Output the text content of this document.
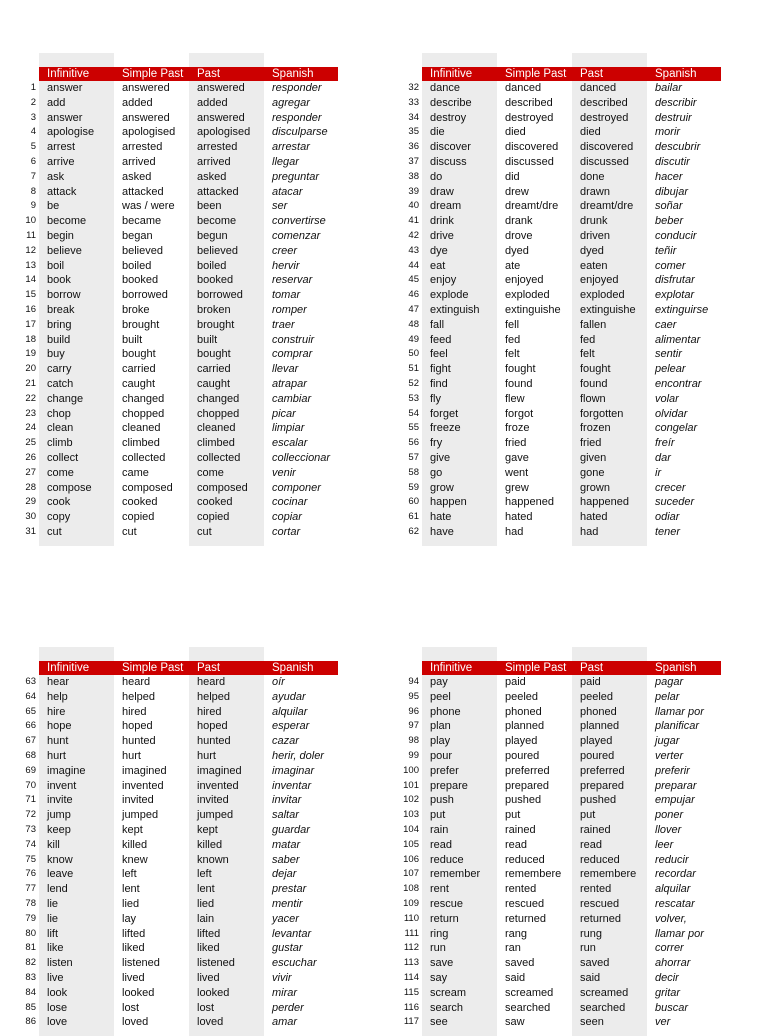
Infinitive	Simple Past	Past	Spanish
1	answer	answered	answered	responder
2	add	added	added	agregar
3	answer	answered	answered	responder
4	apologise	apologised	apologised	disculparse
5	arrest	arrested	arrested	arrestar
6	arrive	arrived	arrived	llegar
7	ask	asked	asked	preguntar
8	attack	attacked	attacked	atacar
9	be	was / were	been	ser
10	become	became	become	convertirse
11	begin	began	begun	comenzar
12	believe	believed	believed	creer
13	boil	boiled	boiled	hervir
14	book	booked	booked	reservar
15	borrow	borrowed	borrowed	tomar
16	break	broke	broken	romper
17	bring	brought	brought	traer
18	build	built	built	construir
19	buy	bought	bought	comprar
20	carry	carried	carried	llevar
21	catch	caught	caught	atrapar
22	change	changed	changed	cambiar
23	chop	chopped	chopped	picar
24	clean	cleaned	cleaned	limpiar
25	climb	climbed	climbed	escalar
26	collect	collected	collected	colleccionar
27	come	came	come	venir
28	compose	composed	composed	componer
29	cook	cooked	cooked	cocinar
30	copy	copied	copied	copiar
31	cut	cut	cut	cortar
Infinitive	Simple Past	Past	Spanish
32	dance	danced	danced	bailar
33	describe	described	described	describir
34	destroy	destroyed	destroyed	destruir
35	die	died	died	morir
36	discover	discovered	discovered	descubrir
37	discuss	discussed	discussed	discutir
38	do	did	done	hacer
39	draw	drew	drawn	dibujar
40	dream	dreamt/dre	dreamt/dre	soñar
41	drink	drank	drunk	beber
42	drive	drove	driven	conducir
43	dye	dyed	dyed	teñir
44	eat	ate	eaten	comer
45	enjoy	enjoyed	enjoyed	disfrutar
46	explode	exploded	exploded	explotar
47	extinguish	extinguishe	extinguishe	extinguirse
48	fall	fell	fallen	caer
49	feed	fed	fed	alimentar
50	feel	felt	felt	sentir
51	fight	fought	fought	pelear
52	find	found	found	encontrar
53	fly	flew	flown	volar
54	forget	forgot	forgotten	olvidar
55	freeze	froze	frozen	congelar
56	fry	fried	fried	freír
57	give	gave	given	dar
58	go	went	gone	ir
59	grow	grew	grown	crecer
60	happen	happened	happened	suceder
61	hate	hated	hated	odiar
62	have	had	had	tener
Infinitive	Simple Past	Past	Spanish
63	hear	heard	heard	oír
64	help	helped	helped	ayudar
65	hire	hired	hired	alquilar
66	hope	hoped	hoped	esperar
67	hunt	hunted	hunted	cazar
68	hurt	hurt	hurt	herir, doler
69	imagine	imagined	imagined	imaginar
70	invent	invented	invented	inventar
71	invite	invited	invited	invitar
72	jump	jumped	jumped	saltar
73	keep	kept	kept	guardar
74	kill	killed	killed	matar
75	know	knew	known	saber
76	leave	left	left	dejar
77	lend	lent	lent	prestar
78	lie	lied	lied	mentir
79	lie	lay	lain	yacer
80	lift	lifted	lifted	levantar
81	like	liked	liked	gustar
82	listen	listened	listened	escuchar
83	live	lived	lived	vivir
84	look	looked	looked	mirar
85	lose	lost	lost	perder
86	love	loved	loved	amar
Infinitive	Simple Past	Past	Spanish
94	pay	paid	paid	pagar
95	peel	peeled	peeled	pelar
96	phone	phoned	phoned	llamar por
97	plan	planned	planned	planificar
98	play	played	played	jugar
99	pour	poured	poured	verter
100	prefer	preferred	preferred	preferir
101	prepare	prepared	prepared	preparar
102	push	pushed	pushed	empujar
103	put	put	put	poner
104	rain	rained	rained	llover
105	read	read	read	leer
106	reduce	reduced	reduced	reducir
107	remember	remembere	remembere	recordar
108	rent	rented	rented	alquilar
109	rescue	rescued	rescued	rescatar
110	return	returned	returned	volver,
111	ring	rang	rung	llamar por
112	run	ran	run	correr
113	save	saved	saved	ahorrar
114	say	said	said	decir
115	scream	screamed	screamed	gritar
116	search	searched	searched	buscar
117	see	saw	seen	ver
